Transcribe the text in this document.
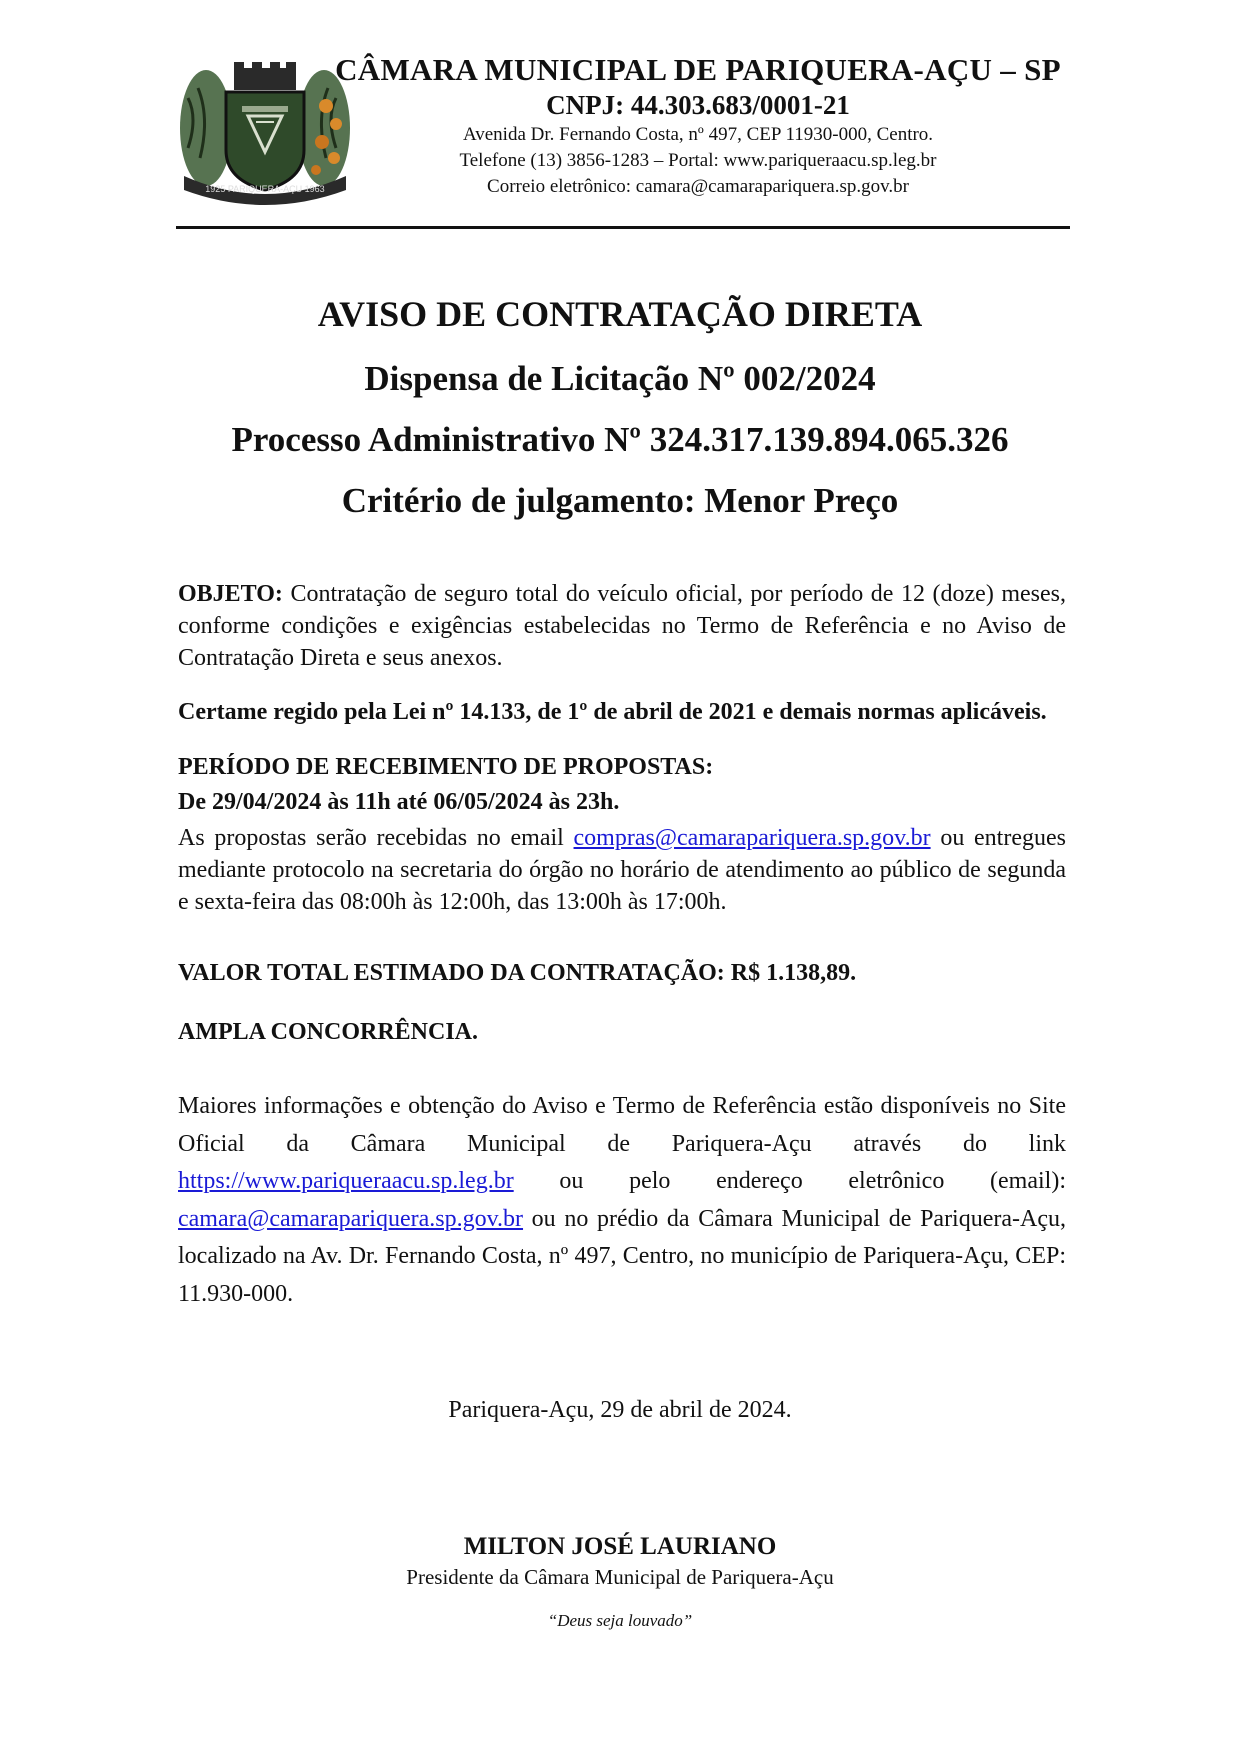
1925 PARIQUERA-AÇU 1963
CÂMARA MUNICIPAL DE PARIQUERA-AÇU – SP
CNPJ: 44.303.683/0001-21
Avenida Dr. Fernando Costa, nº 497, CEP 11930-000, Centro.
Telefone (13) 3856-1283 – Portal: www.pariqueraacu.sp.leg.br
Correio eletrônico: camara@camarapariquera.sp.gov.br
AVISO DE CONTRATAÇÃO DIRETA
Dispensa de Licitação Nº 002/2024
Processo Administrativo Nº 324.317.139.894.065.326
Critério de julgamento: Menor Preço

OBJETO: Contratação de seguro total do veículo oficial, por período de 12 (doze) meses, conforme condições e exigências estabelecidas no Termo de Referência e no Aviso de Contratação Direta e seus anexos.

Certame regido pela Lei nº 14.133, de 1º de abril de 2021 e demais normas aplicáveis.

PERÍODO DE RECEBIMENTO DE PROPOSTAS:

De 29/04/2024 às 11h até 06/05/2024 às 23h.

As propostas serão recebidas no email compras@camarapariquera.sp.gov.br ou entregues mediante protocolo na secretaria do órgão no horário de atendimento ao público de segunda e sexta-feira das 08:00h às 12:00h, das 13:00h às 17:00h.

VALOR TOTAL ESTIMADO DA CONTRATAÇÃO: R$ 1.138,89.

AMPLA CONCORRÊNCIA.

Maiores informações e obtenção do Aviso e Termo de Referência estão disponíveis no Site Oficial da Câmara Municipal de Pariquera-Açu através do link https://www.pariqueraacu.sp.leg.br ou pelo endereço eletrônico (email): camara@camarapariquera.sp.gov.br ou no prédio da Câmara Municipal de Pariquera-Açu, localizado na Av. Dr. Fernando Costa, nº 497, Centro, no município de Pariquera-Açu, CEP: 11.930-000.

Pariquera-Açu, 29 de abril de 2024.
MILTON JOSÉ LAURIANO
Presidente da Câmara Municipal de Pariquera-Açu
“Deus seja louvado”
